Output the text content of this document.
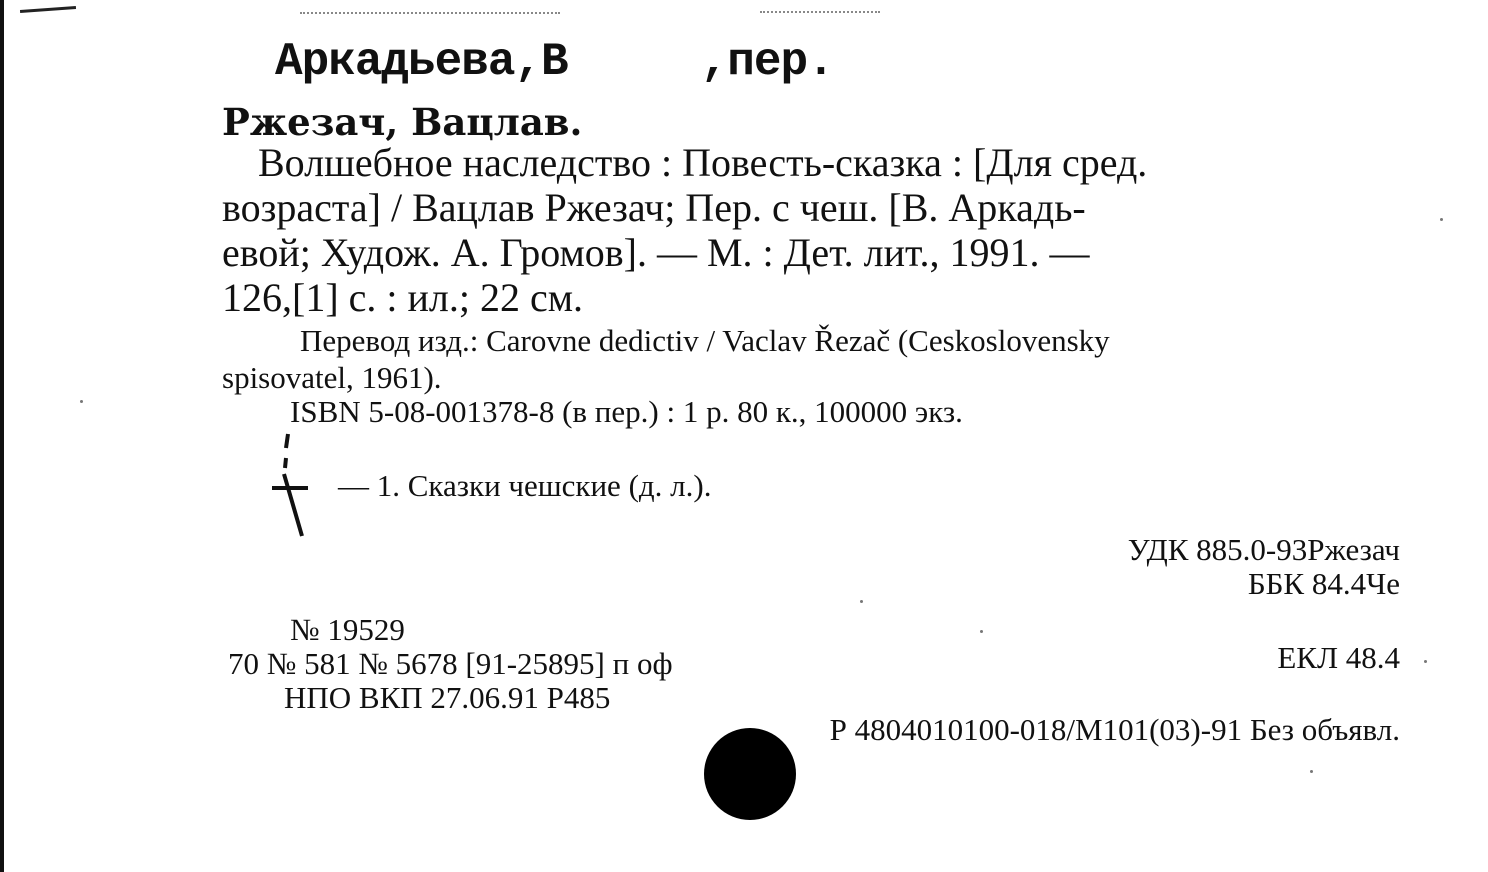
Аркадьева,В     ,пер.
Ржезач, Вацлав.
Волшебное наследство : Повесть-сказка : [Для сред.
возраста] / Вацлав Ржезач; Пер. с чеш. [В. Аркадь-
евой; Худож. А. Громов]. — М. : Дет. лит., 1991. —
126,[1] с. : ил.; 22 см.
Перевод изд.: Carovne dedictiv / Vaclav Řezač (Ceskoslovensky
spisovatel, 1961).
ISBN 5-08-001378-8 (в пер.) : 1 р. 80 к., 100000 экз.
— 1. Сказки чешские (д. л.).
УДК 885.0-93Ржезач
ББК 84.4Че
ЕКЛ 48.4
№ 19529
70 № 581 № 5678 [91-25895] п оф
НПО ВКП 27.06.91 Р485
Р 4804010100-018/М101(03)-91 Без объявл.
